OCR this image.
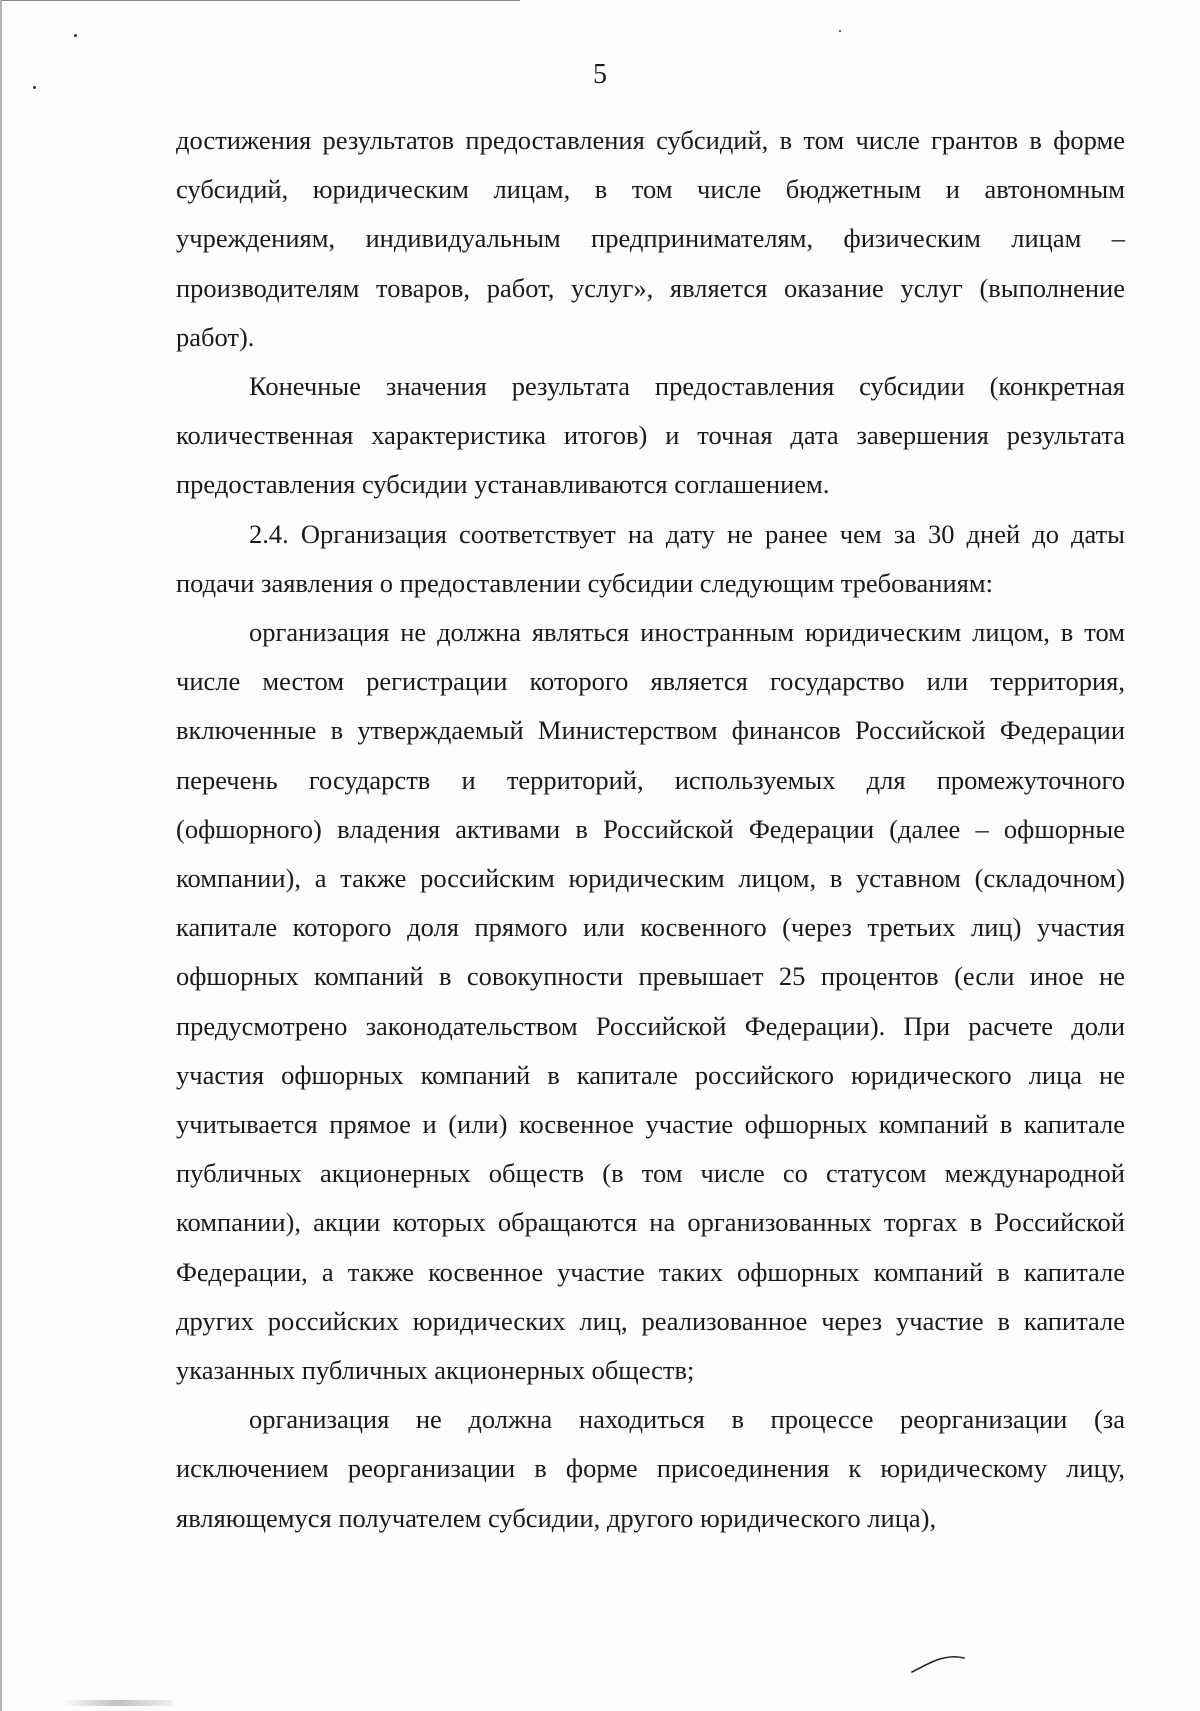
5

достижения результатов предоставления субсидий, в том числе грантов в форме субсидий, юридическим лицам, в том числе бюджетным и автономным учреждениям, индивидуальным предпринимателям, физическим лицам – производителям товаров, работ, услуг», является оказание услуг (выполнение работ).

Конечные значения результата предоставления субсидии (конкретная количественная характеристика итогов) и точная дата завершения результата предоставления субсидии устанавливаются соглашением.

2.4. Организация соответствует на дату не ранее чем за 30 дней до даты подачи заявления о предоставлении субсидии следующим требованиям:

организация не должна являться иностранным юридическим лицом, в том числе местом регистрации которого является государство или территория, включенные в утверждаемый Министерством финансов Российской Федерации перечень государств и территорий, используемых для промежуточного (офшорного) владения активами в Российской Федерации (далее – офшорные компании), а также российским юридическим лицом, в уставном (складочном) капитале которого доля прямого или косвенного (через третьих лиц) участия офшорных компаний в совокупности превышает 25 процентов (если иное не предусмотрено законодательством Российской Федерации). При расчете доли участия офшорных компаний в капитале российского юридического лица не учитывается прямое и (или) косвенное участие офшорных компаний в капитале публичных акционерных обществ (в том числе со статусом международной компании), акции которых обращаются на организованных торгах в Российской Федерации, а также косвенное участие таких офшорных компаний в капитале других российских юридических лиц, реализованное через участие в капитале указанных публичных акционерных обществ;

организация не должна находиться в процессе реорганизации (за исключением реорганизации в форме присоединения к юридическому лицу, являющемуся получателем субсидии, другого юридического лица),
